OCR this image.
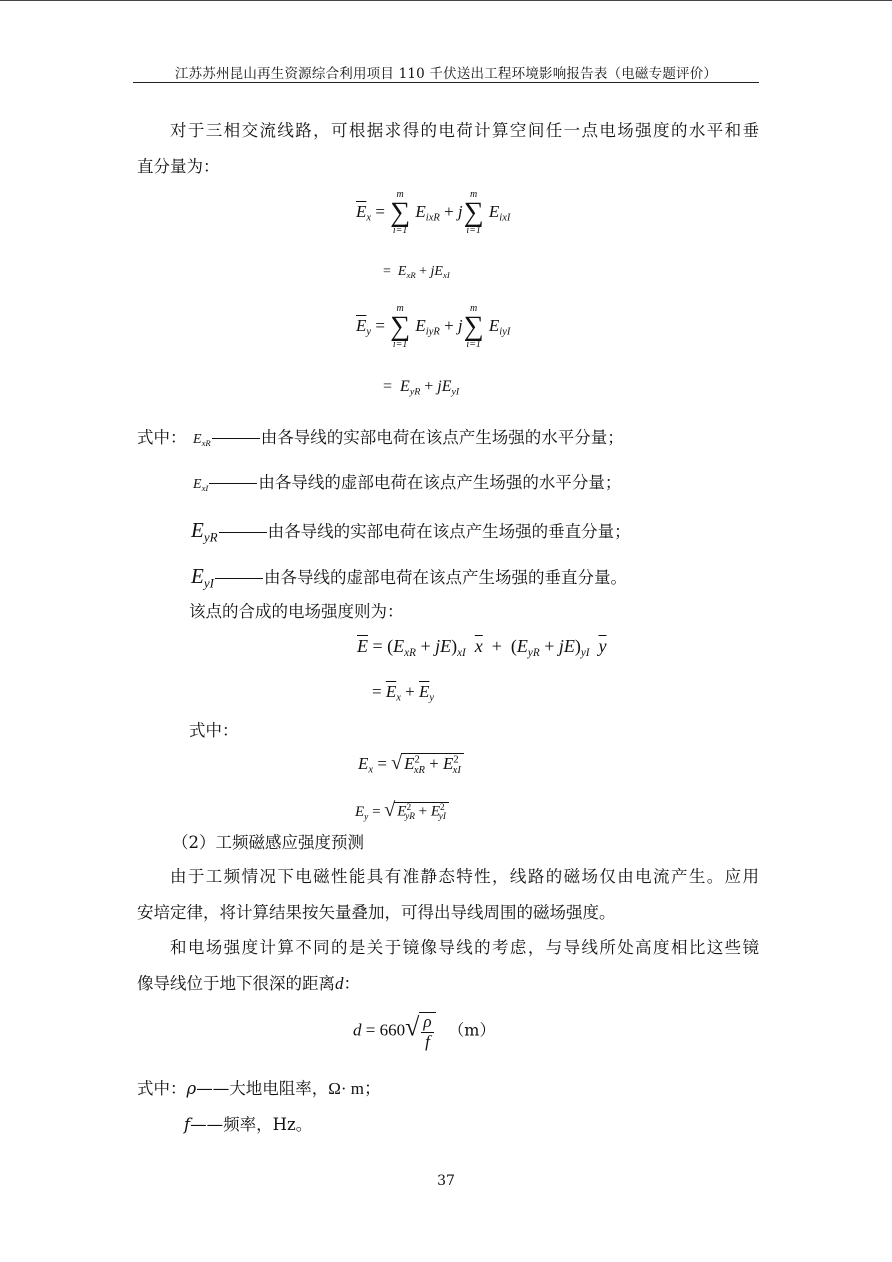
江苏苏州昆山再生资源综合利用项目 110 千伏送出工程环境影响报告表（电磁专题评价）
对于三相交流线路，可根据求得的电荷计算空间任一点电场强度的水平和垂
直分量为：
$\overline{E}_x$ =
m
∑
i=1
$E_{ixR} + j$
m
∑
i=1
$E_{ixI}$
=  $E_{xR} + jE_{xI}$
$\overline{E}_y$ =
m
∑
i=1
$E_{iyR} + j$
m
∑
i=1
$E_{iyI}$
=  $E_{yR} + jE_{yI}$
式中： $E_{xR}$	由各导线的实部电荷在该点产生场强的水平分量；
$E_{xI}$	由各导线的虚部电荷在该点产生场强的水平分量；
$E_{yR}$	由各导线的实部电荷在该点产生场强的垂直分量；
$E_{yI}$	由各导线的虚部电荷在该点产生场强的垂直分量。
该点的合成的电场强度则为：
$\overline{E} = (E_{xR} + jE)_{xI}$ $\overline{x} + (E_{yR} + jE)_{yI}$ $\overline{y}$
= $\overline{E}_x + \overline{E}_y$
式中：
$E_x$ = √ $E^2_{xR} + E^2_{xI}$
$E_y$ = √ $E^2_{yR} + E^2_{yI}$
（2）工频磁感应强度预测
由于工频情况下电磁性能具有准静态特性，线路的磁场仅由电流产生。应用
安培定律，将计算结果按矢量叠加，可得出导线周围的磁场强度。
和电场强度计算不同的是关于镜像导线的考虑，与导线所处高度相比这些镜
像导线位于地下很深的距离d：
$d = 660√ \frac{\rho}{f} (m)$
式中：ρ——大地电阻率，Ω· m；
f——频率，Hz。
37
